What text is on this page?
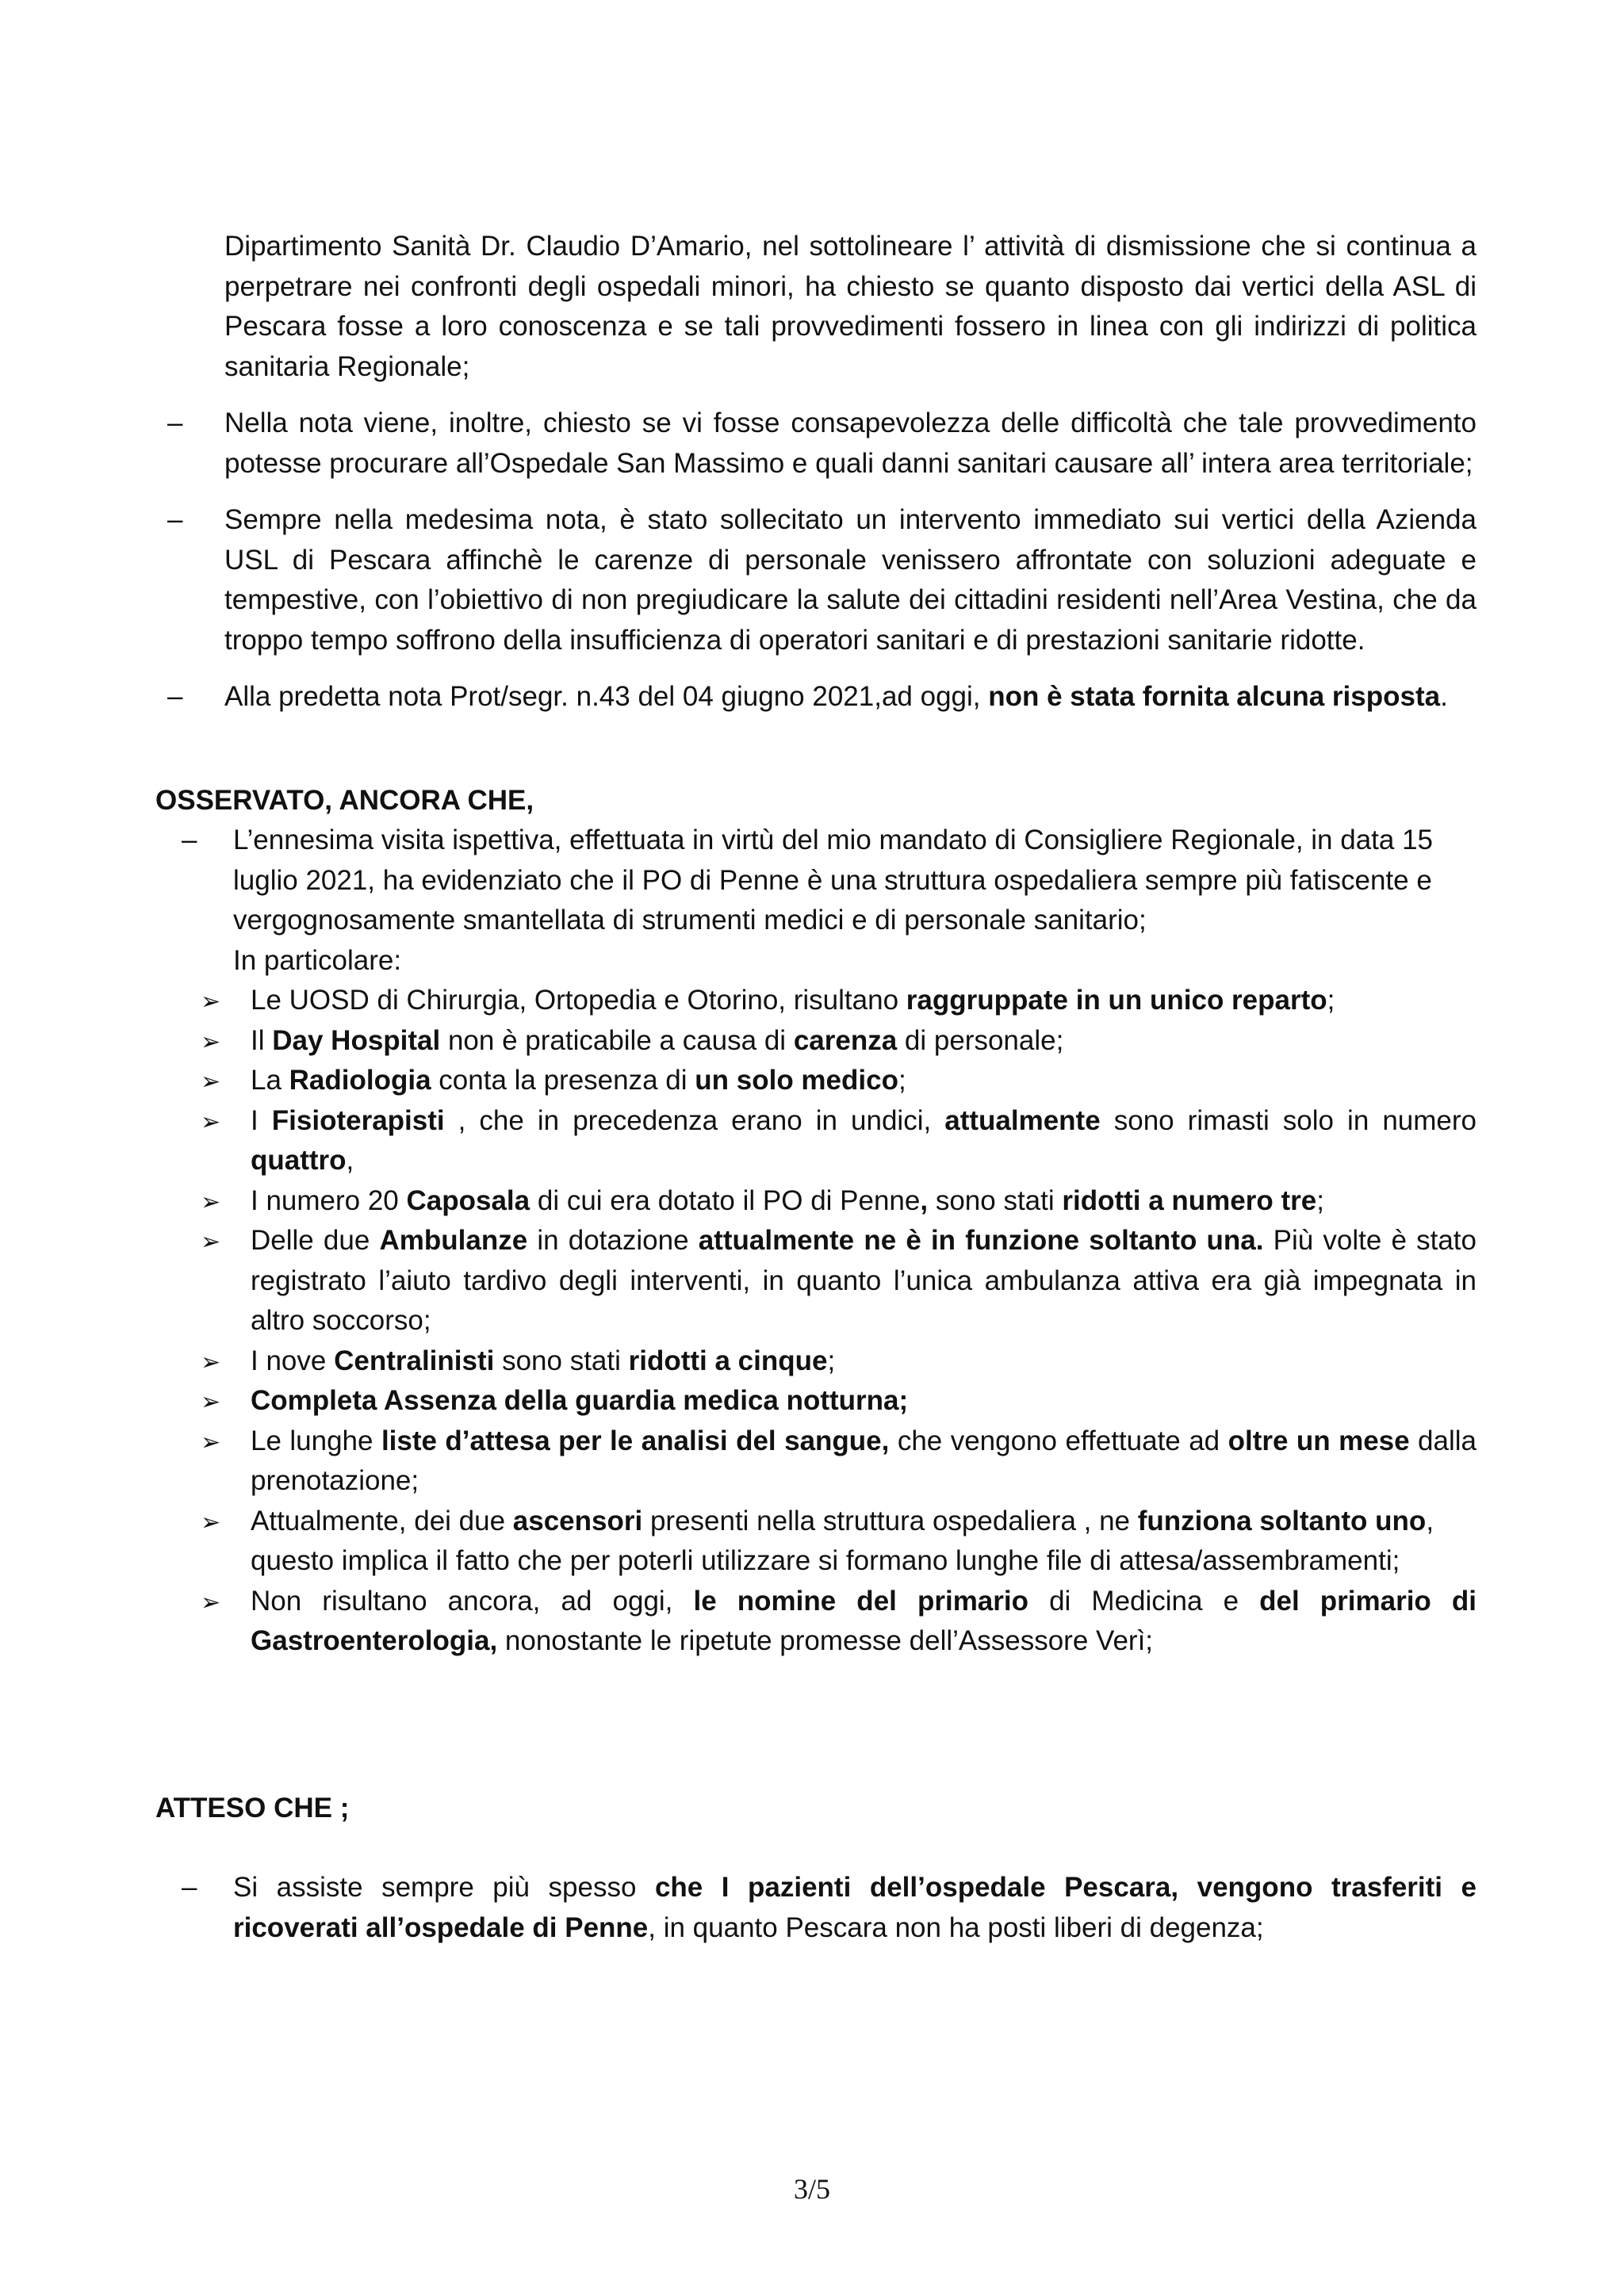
Dipartimento Sanità Dr. Claudio D’Amario, nel sottolineare l’ attività di dismissione che si continua a perpetrare nei confronti degli ospedali minori, ha chiesto se quanto disposto dai vertici della ASL di Pescara fosse a loro conoscenza e se tali provvedimenti fossero in linea con gli indirizzi di politica sanitaria Regionale;

– Nella nota viene, inoltre, chiesto se vi fosse consapevolezza delle difficoltà che tale provvedimento potesse procurare all’Ospedale San Massimo e quali danni sanitari causare all’ intera area territoriale;

– Sempre nella medesima nota, è stato sollecitato un intervento immediato sui vertici della Azienda USL di Pescara affinchè le carenze di personale venissero affrontate con soluzioni adeguate e tempestive, con l’obiettivo di non pregiudicare la salute dei cittadini residenti nell’Area Vestina, che da troppo tempo soffrono della insufficienza di operatori sanitari e di prestazioni sanitarie ridotte.

– Alla predetta nota Prot/segr. n.43 del 04 giugno 2021,ad oggi, non è stata fornita alcuna risposta.

OSSERVATO, ANCORA CHE,

– L’ennesima visita ispettiva, effettuata in virtù del mio mandato di Consigliere Regionale, in data 15 luglio 2021, ha evidenziato che il PO di Penne è una struttura ospedaliera sempre più fatiscente e vergognosamente smantellata di strumenti medici e di personale sanitario;

In particolare:

➢ Le UOSD di Chirurgia, Ortopedia e Otorino, risultano raggruppate in un unico reparto;

➢ Il Day Hospital non è praticabile a causa di carenza di personale;

➢ La Radiologia conta la presenza di un solo medico;

➢ I Fisioterapisti , che in precedenza erano in undici, attualmente sono rimasti solo in numero quattro,

➢ I numero 20 Caposala di cui era dotato il PO di Penne, sono stati ridotti a numero tre;

➢ Delle due Ambulanze in dotazione attualmente ne è in funzione soltanto una. Più volte è stato registrato l’aiuto tardivo degli interventi, in quanto l’unica ambulanza attiva era già impegnata in altro soccorso;

➢ I nove Centralinisti sono stati ridotti a cinque;

➢ Completa Assenza della guardia medica notturna;

➢ Le lunghe liste d’attesa per le analisi del sangue, che vengono effettuate ad oltre un mese dalla prenotazione;

➢ Attualmente, dei due ascensori presenti nella struttura ospedaliera , ne funziona soltanto uno, questo implica il fatto che per poterli utilizzare si formano lunghe file di attesa/assembramenti;

➢ Non risultano ancora, ad oggi, le nomine del primario di Medicina e del primario di Gastroenterologia, nonostante le ripetute promesse dell’Assessore Verì;

ATTESO CHE ;

– Si assiste sempre più spesso che I pazienti dell’ospedale Pescara, vengono trasferiti e ricoverati all’ospedale di Penne, in quanto Pescara non ha posti liberi di degenza;

3/5
